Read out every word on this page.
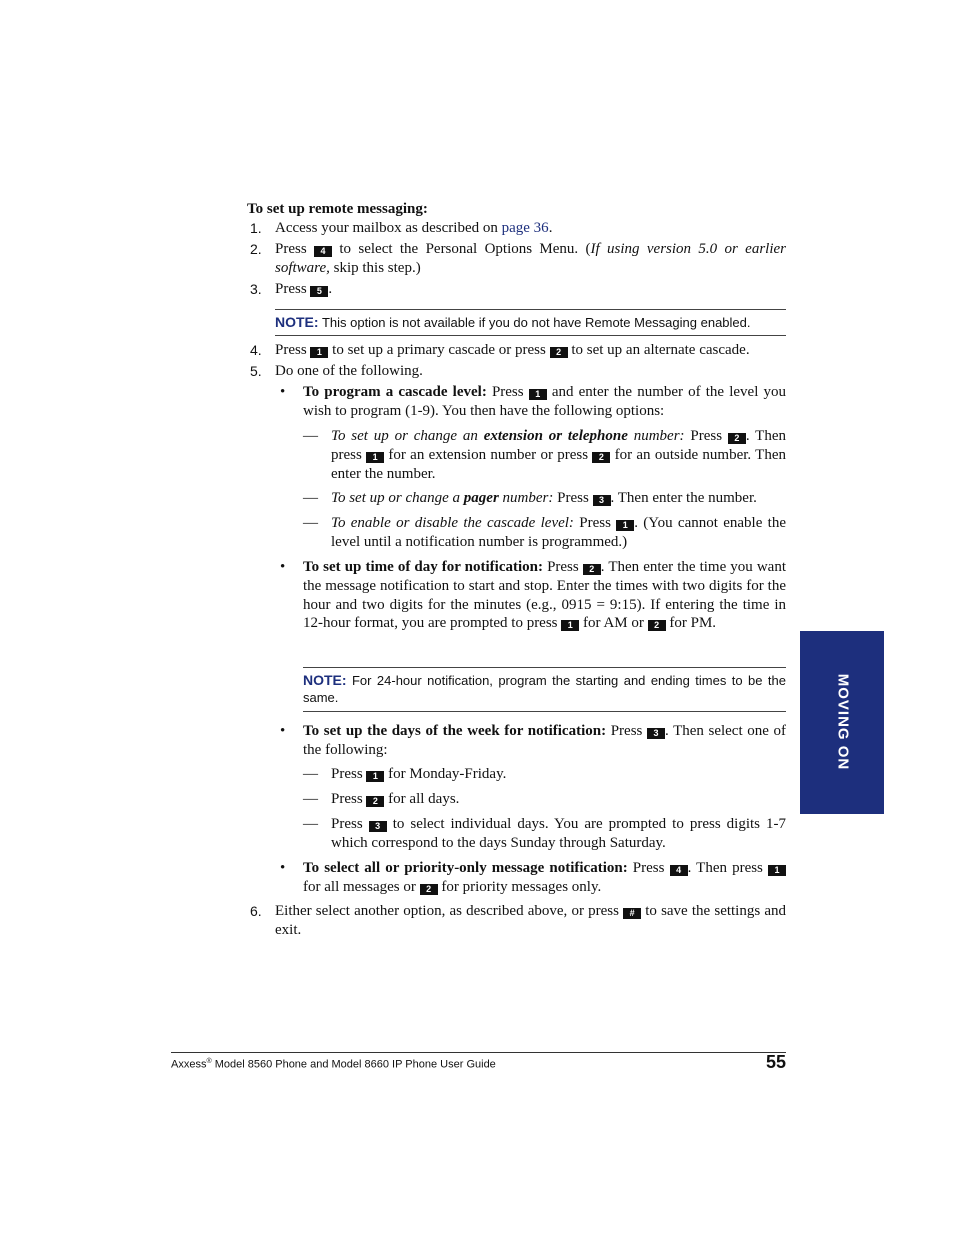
To set up remote messaging:
1. Access your mailbox as described on page 36.
2. Press 4 to select the Personal Options Menu. (If using version 5.0 or earlier software, skip this step.)
3. Press 5 .
NOTE: This option is not available if you do not have Remote Messaging enabled.
4. Press 1 to set up a primary cascade or press 2 to set up an alternate cascade.
5. Do one of the following.
• To program a cascade level: Press 1 and enter the number of the level you wish to program (1-9). You then have the following options:
— To set up or change an extension or telephone number: Press 2 . Then press 1 for an extension number or press 2 for an outside number. Then enter the number.
— To set up or change a pager number: Press 3 . Then enter the number.
— To enable or disable the cascade level: Press 1 . (You cannot enable the level until a notification number is programmed.)
• To set up time of day for notification: Press 2 . Then enter the time you want the message notification to start and stop. Enter the times with two digits for the hour and two digits for the minutes (e.g., 0915 = 9:15). If entering the time in 12-hour format, you are prompted to press 1 for AM or 2 for PM.
NOTE: For 24-hour notification, program the starting and ending times to be the same.
• To set up the days of the week for notification: Press 3 . Then select one of the following:
— Press 1 for Monday-Friday.
— Press 2 for all days.
— Press 3 to select individual days. You are prompted to press digits 1-7 which correspond to the days Sunday through Saturday.
• To select all or priority-only message notification: Press 4 . Then press 1 for all messages or 2 for priority messages only.
6. Either select another option, as described above, or press # to save the settings and exit.
MOVING ON
Axxess® Model 8560 Phone and Model 8660 IP Phone User Guide	55
